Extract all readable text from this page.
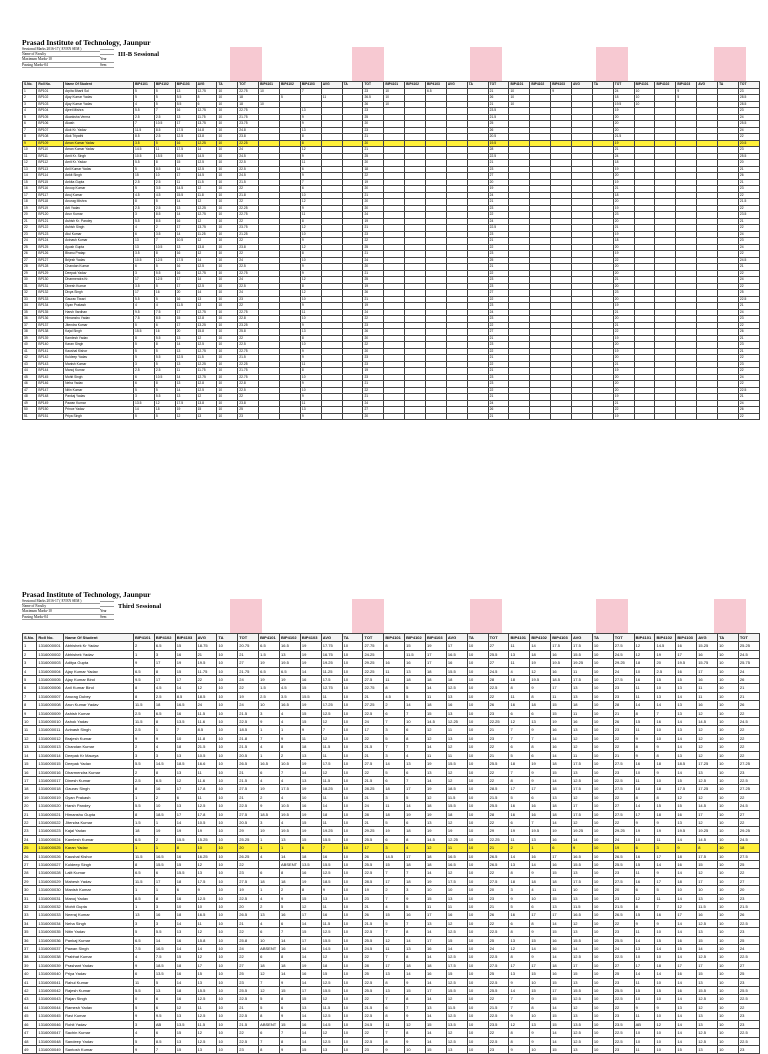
Prasad Institute of Technology, Jaunpur
Sessional Marks 2016-17 ( EVEN SEM )
Name of Faculty
Maximum Marks-10	Year
Passing Marks-04	Sem
III-B Sessional
S.No.	Roll No.	Name Of Student	BIP4101	BIP4102	BIP4103	AVG	TA	TOT	BIP4101	BIP4102	BIP4103	AVG	TA	TOT	BIP4101	BIP4102	BIP4103	AVG	TA	TOT	BIP4101	BIP4102	BIP4103	AVG	TA	TOT	BIP4101	BIP4102	BIP4103	AVG	TA	TOT
1	BP101	Arpita Bharti Sol	5	5	13	12.75	10	22.75	10		7			23	10		6.5			21	10		9			24	10		9			23
2	BP102	Ajay Kumar Yadav	5	5	5.5	8	10	18		5		11		26.5	10					26	10					18	10		5			28.5
3	BP103	Ajay Kumar Yadav	4	5	5.5	6	10	18	10					26	10					21	10					19.5	10					28.5
4	BP104	Ajeet Mishra	5.5	7	16	12.75	10	22.75			13			23						23.5						19						23
5	BP105	Akanksha Verma	2.5	2.5	13	11.75	10	21.75			9			25						21.5						20						24
6	BP106	Akash	7	10.5	17	13.75	10	23.75			9			20						25						20						25.5
7	BP107	Alok Kr. Yadav	11.5	8.5	17.5	14.8	10	24.8			13			23						26						20						24
8	BP108	Alok Tripathi	8.5	2.5	12.5	13.8	10	23.8			8			21						20.5						21.5						22
9	BP109	Aman Kumar Yadav	3.5	5	16	12.25	10	22.25			8			20						19.5						19						20.5
10	BP110	Aman Kumar Yadav	14.5	11	17.5	14	10	24			12			21						28						21						23
11	BP111	Amit Kr. Singh	10.5	15.5	19.5	14.5	10	24.5			9			25						22.5						24						25.5
12	BP112	Amit Kr. Yadav	5.5	8	15	12.5	10	22.5			11			20						21						18						20
13	BP113	Anil Kumar Yadav	5	8.5	14	12.5	10	22.5			6			18						23						19						21
14	BP114	Ankit Singh	15	10	17	14.5	10	24.5			9			22						27						20						26
15	BP115	Ankita Gupta	2.5	2.5	11	11.5	10	21.5			7			19						20						19						21
16	BP116	Anoop Kumar	5	3.5	14.5	12	10	22			6			20						19						21						23
17	BP117	Anuj Kumar	4.5	4.5	15.5	11.8	10	21.8			10			21						24						18						22
18	BP118	Anurag Mishra	8	5	14	12	10	22			12			20						21						20						21.5
19	BP119	Arti Yadav	2.5	2.5	13	12.25	10	22.25			9			20						23						19						22
20	BP120	Arun Kumar	3	8.5	14	12.75	10	22.75			11			24						22						23						23.5
21	BP121	Ashish Kr. Pandey	5.5	8.5	16	12	10	22			8			19						24						20						21
22	BP122	Ashish Singh	4	2	17	13.75	10	23.75			12			21						22.5						21						22
23	BP123	Atul Kumar	6	3.5	14	11.25	10	21.25			10			23						23						19						24
24	BP124	Avinash Kumar	13	7	10.5	12	10	22			9			22						21						18						23
25	BP125	Ayush Gupta	13	10.5	13	13.8	10	23.8			12			25						22						20						24
26	BP126	Bhanu Pratap	3.5	8	16	12	10	22			8			21						23						19						22
27	BP127	Brijesh Yadav	10.5	12.5	17.5	14	10	24			10			24						25						22						24.5
28	BP128	Chandan Kumar	6	5	16	12.5	10	22.5			9			20						21						20						21
29	BP129	Deepak Yadav	3	5.5	16	12.75	10	22.75			9			21						22						20						22
30	BP130	Dharmendra Kr.	17	12.5	17	14	10	24			12			25						23						21						24
31	BP131	Dinesh Kumar	3.5	5	17	12.5	10	22.5			8			19						23						20						22
32	BP132	Divya Singh	17	16	20	14	10	24			12			26						27						23						25
33	BP133	Gaurav Tiwari	5.5	5	16	13	10	23			10			21						22						20						22.5
34	BP134	Gyan Prakash	4	4	11.5	12	10	22			9			19						23						19						21
35	BP135	Harsh Vardhan	9.5	7.5	17	12.75	10	22.75			11			24						24						21						24
36	BP136	Himanshu Yadav	7.5	8.5	15	12.8	10	22.8			10			22						23						20						23
37	BP137	Jitendra Kumar	5	6	17	13.25	10	23.25			9			23						22						21						22
38	BP138	Kajal Singh	15.5	16	20	15.8	10	25.8			13			26						27						22						26
39	BP139	Kamlesh Yadav	8	5.5	13	12	10	22			8			20						21						19						21
40	BP140	Karan Singh	5	8	14	12.5	10	22.5			10			22						23						20						23
41	BP141	Kaushal Kishor	5	5	13	12.75	10	22.75			9			20						22						19						21
42	BP142	Kuldeep Yadav	5	5.5	12.5	11.5	10	21.5			9			23						21						20						22
43	BP143	Manish Kumar	3	5	13	12.25	10	22.25			11			23						22						21						23
44	BP144	Manoj Kumar	2.5	2.5	11	11.75	10	21.75			8			19						21						19						22
45	BP145	Mohit Singh	6	10.5	14	12.75	10	22.75			10			23						23						20						24
46	BP146	Neha Yadav	6	8	13	12.8	10	22.8			9			21						23						20						22
47	BP147	Nitin Kumar	5	5	14	12.5	10	22.5			10			22						22						20						22.5
48	BP148	Pankaj Yadav	3	5.5	13	12	10	22			9			21						21						19						21
49	BP149	Pawan Kumar	13.5	12	17.5	13.8	10	23.8			11			24						24						21						24
50	BP150	Prince Yadav	14	18	19	15	10	25			13			27						26						22						26
51	BP151	Priya Singh	5	5	12	13	10	23			9			20						21						19						22
Prasad Institute of Technology, Jaunpur
Sessional Marks 2016-17 ( EVEN SEM )
Name of Faculty
Maximum Marks-10	Year
Passing Marks-04	Sem
Third Sessional
S.No.	Roll No.	Name Of Student	BIP4101	BIP4102	BIP4103	AVG	TA	TOT	BIP4101	BIP4102	BIP4103	AVG	TA	TOT	BIP4101	BIP4102	BIP4103	AVG	TA	TOT	BIP4101	BIP4102	BIP4103	AVG	TA	TOT	BIP4101	BIP4102	BIP4103	AVG	TA	TOT
1	1316000001	Abhishek Kr Yadav	2	6.5	15	18.75	10	20.75	6.5	16.5	19	17.75	10	27.75	8	15	19	17	10	27	11	14	17.5	17.5	10	27.5	12	14.5	16	15.25	10	25.25
2	1316000002	Abhishek Yadav	1	3	16	21	10	21	1.5	13	19	16.75	10	24.25		11.5	17	16.5	10	25.5	13	18	16	15.5	10	24.5	12	19	17	16	10	24.5
3	1316000003	Aditya Gupta	9	17	19	19.5	10	27	19	19.5	19	19.25	10	29.25	16	16	17	16	10	27	11	19	19.5	19.25	10	29.25	18	20	19.5	15.75	10	25.75
4	1316000004	Ajay Kumar Yadav	6.5	8	15	11.75	10	21.75	6.5	6.5	14	11.25	10	22.25	11	13	18	15.5	10	24.5	4	12	16	11	10	24	10	2.5	16	17	10	24
5	1316000005	Ajay Kumar Bind	9.5	17	17	22	10	24	19	19	16	17.5	10	27.5	11	18	18	18	10	28	18	19.5	18.5	17.5	10	27.5	16	15	15	16	10	26
6	1316000006	Anil Kumar Bind	8	4.5	14	12	10	22	1.5	4.5	15	12.75	10	22.75	8	5	14	12.5	10	22.5	8	9	17	13	10	23	11	10	13	11	10	21
7	1316000007	Anurag Dubey	8	2.5	8.5	18.5	10	19	2.5	3.5	15.5	11	10	21	4.5	5	11	13	10	22	11	8	11	13	10	23	11	13	14	11	10	21
8	1316000008	Arun Kumar Yadav	11.5	18	16.5	24	10	24	10	16.5	19	17.25	10	27.25	2	14	18	16	10	26	16	18	15	18	10	28	14	14	13	16	10	26
9	1316000009	Ashish Kumar	2.5	6.5	16	11.5	10	21.5	3	4	15	12.5	10	22.5	6	7	15	13	10	23	6	6	15	11	10	21	8	7	13	12	10	22
10	1316000010	Ashok Yadav	11.5	8	13.5	11.6	10	22.5	9	4	15	12	10	24	7	10	14.5	12.25	10	22.25	12	13	19	16	10	26	15	16	14	14.5	10	24.5
11	1316000011	Avinash Singh	2.5	1	7	8.5	10	18.5	1	1	9	7	10	17	3	6	12	11	10	21	7	9	16	13	10	23	11	10	13	12	10	22
12	1316000012	Brajesh Kumar	9	9	10	11.8	10	21.8	7	9	11	12	10	22	5	8	12	13	10	23	7	7	14	12	10	22	9	10	14	12	10	22
13	1316000013	Chandan Kumar	2	4	18	21.5	10	21.5	4	8	18	11.5	10	21.5	7	7	14	12	10	22	6	8	16	12	10	22	8	9	14	12	10	22
14	1316000014	Deepak Kr Maurya	3	3	13	10.5	10	20.5	1	2	13	11	10	21	3	4	11	11	10	21	5	6	14	11	10	21	9	8	13	12	10	22
15	1316000015	Deepak Yadav	5.5	14.5	18.5	16.6	10	26.5	16.5	10.5	19	17.5	10	27.5	14	13	19	15.5	10	25.5	18	19	18	17.5	10	27.5	16	18	18.5	17.25	10	27.25
16	1316000016	Dharmendra Kumar	2	8	13	11	10	21	6	7	14	12	10	22	5	6	13	12	10	22	7	9	15	13	10	23	10	9	14	13	10	23
17	1316000017	Dinesh Kumar	2.5	6.5	12	11.6	10	21.5	4	4	13	11.5	10	21.5	6	7	14	12	10	22	8	9	14	12.5	10	22.5	11	10	15	12.5	10	22.5
18	1316000018	Gaurav Singh	8	16	17	17.8	10	27.5	19	17.5	19	18.25	10	28.25	18	17	19	18.5	10	28.5	17	17	18	17.5	10	27.5	18	18	17.5	17.25	10	27.25
19	1316000019	Gyan Prakash	1	2	6	11	10	21	2	4	10	11	10	21	3	5	12	11.5	10	21.5	5	6	13	12	10	22	8	8	12	12	10	22
20	1316000020	Harsh Pandey	5.5	10	13	12.5	10	22.5	9	10.5	16	14	10	24	11	14	18	15.5	10	25.5	16	16	18	17	10	27	14	15	15	14.5	10	24.5
21	1316000021	Himanshu Gupta	8	18.5	17	17.8	10	27.5	18.5	19.5	19	18	10	28	18	19	19	18	10	28	16	16	18	17.5	10	27.5	17	18	16	17	10	27
22	1316000022	Jitendra Kumar	1.5	1	14	10.5	10	20.5	3	4	15	11	10	21	5	6	13	12	10	22	6	7	14	12	10	22	9	9	13	12	10	22
23	1316000023	Kajal Yadav	18	19	19	19	10	29	19	19.5	19	19.25	10	29.25	19	18	19	19	10	29	19	19.5	19	19.25	10	29.25	19	19	19.5	19.25	10	29.25
24	1316000024	Kamlesh Kumar	6.5	2	15.5	15.25	10	25.25	1	13	15	15.5	10	25.5	6	8	14.5	12.25	10	22.25	11	13	16	14	10	24	10	11	14	14.5	10	24.5
25	1316000025	Karan Yadav	1	1	8	10	10	20	1	1	6	7	10	17	3	4	12	11	10	21	2	1	6	9	10	19	6	3	9	8	10	18
26	1316000026	Kaushal Kishor	11.5	16.5	16	16.25	10	26.25	4	14	18	16	10	26	14.5	17	18	16.5	10	26.5	14	16	17	16.5	10	26.5	16	17	18	17.5	10	27.5
27	1316000027	Kuldeep Singh	8	15.5	15	12	10	22		ABSENT	13.5	15.5	10	25.5	15	18	18	16.5	10	26.5	13	14	16	15.5	10	25.5	15	14	16	15	10	25
28	1316000028	Lalit Kumar	6.5	6	15.5	13	10	23	6	8	16	12.5	10	22.5	7	7	14	12	10	22	8	9	15	13	10	23	11	9	14	12	10	22
29	1316000029	Mahesh Yadav	11.5	17	18	17.5	10	27.5	18	18	19	18.5	10	28.5	17	18	19	17.5	10	27.5	18	18	18	17.5	10	27.5	16	17	18	17	10	27
30	1316000030	Manish Kumar	1	1	6	9	10	19	1	2	8	9	10	19	2	3	10	10	10	20	3	4	11	10	10	20	6	5	10	10	10	20
31	1316000031	Manoj Yadav	8.5	8	16	12.5	10	22.5	4	9	15	13	10	23	7	9	15	13	10	23	9	10	15	13	10	23	12	11	14	13	10	23
32	1316000032	Mohit Gupta	1	3	10	10	10	20	2	5	12	11	10	21	4	5	11	11	10	21	5	6	13	11.5	10	21.5	8	7	12	11.5	10	21.5
33	1316000033	Neeraj Kumar	13	16	18	16.5	10	26.5	13	16	17	16	10	26	15	16	17	16	10	26	16	17	17	16.5	10	26.5	15	16	17	16	10	26
34	1316000034	Neha Singh	3	3	14	11	10	21	4	6	14	11.5	10	21.5	5	7	13	12	10	22	6	8	14	12	10	22	9	9	14	12.5	10	22.5
35	1316000035	Nitin Yadav	5	5.5	13	12	10	22	6	7	15	12.5	10	22.5	7	8	14	12.5	10	22.5	8	9	15	13	10	23	11	10	14	13	10	23
36	1316000036	Pankaj Kumar	6.5	14	16	15.8	10	25.8	10	14	17	15.5	10	25.5	12	14	17	15	10	25	13	15	16	15.5	10	25.5	14	15	16	15	10	25
37	1316000037	Pawan Singh	7.5	16.5	14	14	10	24	ABSENT	16	14	14.5	10	24.5	11	13	16	14	10	24	12	14	16	14	10	24	13	14	15	14	10	24
38	1316000038	Prabhat Kumar	4	7.5	15	12	10	22	6	8	14	12	10	22	7	8	14	12.5	10	22.5	8	9	14	12.5	10	22.5	10	10	14	12.5	10	22.5
39	1316000039	Prashant Yadav	9	18.5	18	17	10	27	18	18	19	18	10	28	17	18	18	17.5	10	27.5	17	17	18	17	10	27	17	18	17	17	10	27
40	1316000040	Priya Yadav	6	13.5	16	15	10	25	12	14	16	15	10	25	13	14	16	15	10	25	13	15	16	15	10	25	14	14	16	15	10	25
41	1316000041	Rahul Kumar	11	5	14	13	10	23	7	9	14	12.5	10	22.5	8	9	14	12.5	10	22.5	9	10	15	13	10	23	11	10	14	13	10	23
42	1316000042	Rajesh Kumar	5.5	13	18	15.5	10	25.5	12	15	17	15.5	10	25.5	13	15	17	15.5	10	25.5	14	15	17	15.5	10	25.5	15	15	16	15.5	10	25.5
43	1316000043	Rajan Singh	0	6	16	12.5	10	22.5	5	8	15	12	10	22	7	8	14	12	10	22	7	9	15	12.5	10	22.5	10	10	14	12.5	10	22.5
44	1316000044	Ramesh Yadav	5	6	12	11	10	21	5	6	13	11.5	10	21.5	6	7	13	11.5	10	21.5	7	8	14	12	10	22	9	9	13	12	10	22
45	1316000045	Ravi Kumar	9	9.5	13	12.5	10	22.5	8	9	14	12.5	10	22.5	8	9	14	12.5	10	22.5	9	10	15	13	10	23	11	10	14	13	10	23
46	1316000046	Rohit Yadav	3	AB	13.5	11.5	10	21.5	ABSENT	15	16	14.5	10	24.5	11	12	15	13.5	10	23.5	12	13	15	13.5	10	23.5	AB	12	14	13	10	23
47	1316000047	Sachin Kumar	4	6	15	12	10	22	6	7	14	12	10	22	7	8	14	12	10	22	8	9	14	12.5	10	22.5	10	10	14	12.5	10	22.5
48	1316000048	Sandeep Yadav	5	8.5	13	12.5	10	22.5	7	8	14	12.5	10	22.5	8	9	14	12.5	10	22.5	8	9	14	12.5	10	22.5	10	10	14	12.5	10	22.5
49	1316000049	Santosh Kumar	9	7	15	13	10	23	8	9	15	13	10	23	9	10	15	13	10	23	9	10	15	13	10	23	11	10	15	13	10	23
